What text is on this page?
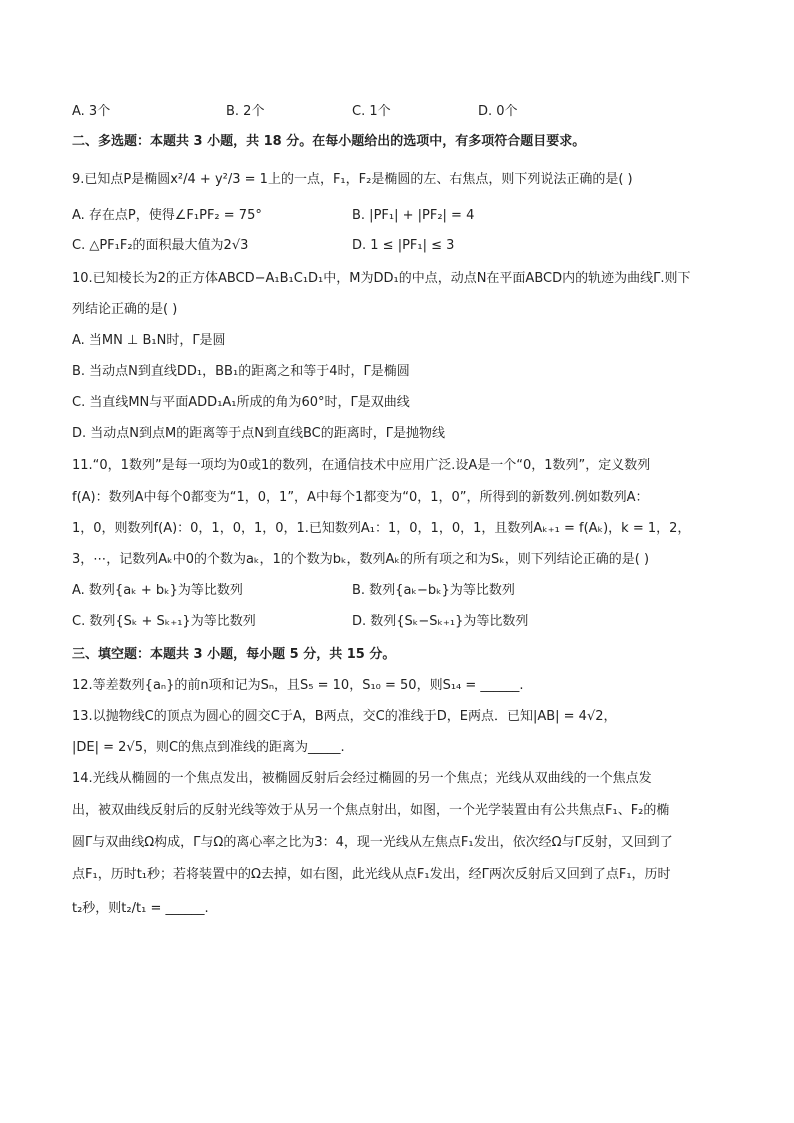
A. 3个	B. 2个	C. 1个	D. 0个
二、多选题：本题共 3 小题，共 18 分。在每小题给出的选项中，有多项符合题目要求。
9.已知点P是椭圆x²/4 + y²/3 = 1上的一点，F₁，F₂是椭圆的左、右焦点，则下列说法正确的是( )
A. 存在点P，使得∠F₁PF₂ = 75°	B. |PF₁| + |PF₂| = 4
C. △PF₁F₂的面积最大值为2√3	D. 1 ≤ |PF₁| ≤ 3
10.已知棱长为2的正方体ABCD−A₁B₁C₁D₁中，M为DD₁的中点，动点N在平面ABCD内的轨迹为曲线Γ.则下
列结论正确的是( )
A. 当MN ⊥ B₁N时，Γ是圆
B. 当动点N到直线DD₁，BB₁的距离之和等于4时，Γ是椭圆
C. 当直线MN与平面ADD₁A₁所成的角为60°时，Γ是双曲线
D. 当动点N到点M的距离等于点N到直线BC的距离时，Γ是抛物线
11.“0，1数列”是每一项均为0或1的数列，在通信技术中应用广泛.设A是一个“0，1数列”，定义数列
f(A)：数列A中每个0都变为“1，0，1”，A中每个1都变为“0，1，0”，所得到的新数列.例如数列A：
1，0，则数列f(A)：0，1，0，1，0，1.已知数列A₁：1，0，1，0，1，且数列Aₖ₊₁ = f(Aₖ)，k = 1，2，
3，⋯，记数列Aₖ中0的个数为aₖ，1的个数为bₖ，数列Aₖ的所有项之和为Sₖ，则下列结论正确的是( )
A. 数列{aₖ + bₖ}为等比数列	B. 数列{aₖ−bₖ}为等比数列
C. 数列{Sₖ + Sₖ₊₁}为等比数列	D. 数列{Sₖ−Sₖ₊₁}为等比数列
三、填空题：本题共 3 小题，每小题 5 分，共 15 分。
12.等差数列{aₙ}的前n项和记为Sₙ，且S₅ = 10，S₁₀ = 50，则S₁₄ = ______.
13.以抛物线C的顶点为圆心的圆交C于A，B两点，交C的准线于D，E两点．已知|AB| = 4√2，
|DE| = 2√5，则C的焦点到准线的距离为_____.
14.光线从椭圆的一个焦点发出，被椭圆反射后会经过椭圆的另一个焦点；光线从双曲线的一个焦点发
出，被双曲线反射后的反射光线等效于从另一个焦点射出，如图，一个光学装置由有公共焦点F₁、F₂的椭
圆Γ与双曲线Ω构成，Γ与Ω的离心率之比为3：4，现一光线从左焦点F₁发出，依次经Ω与Γ反射，又回到了
点F₁，历时t₁秒；若将装置中的Ω去掉，如右图，此光线从点F₁发出，经Γ两次反射后又回到了点F₁，历时
t₂秒，则t₂/t₁ = ______.
